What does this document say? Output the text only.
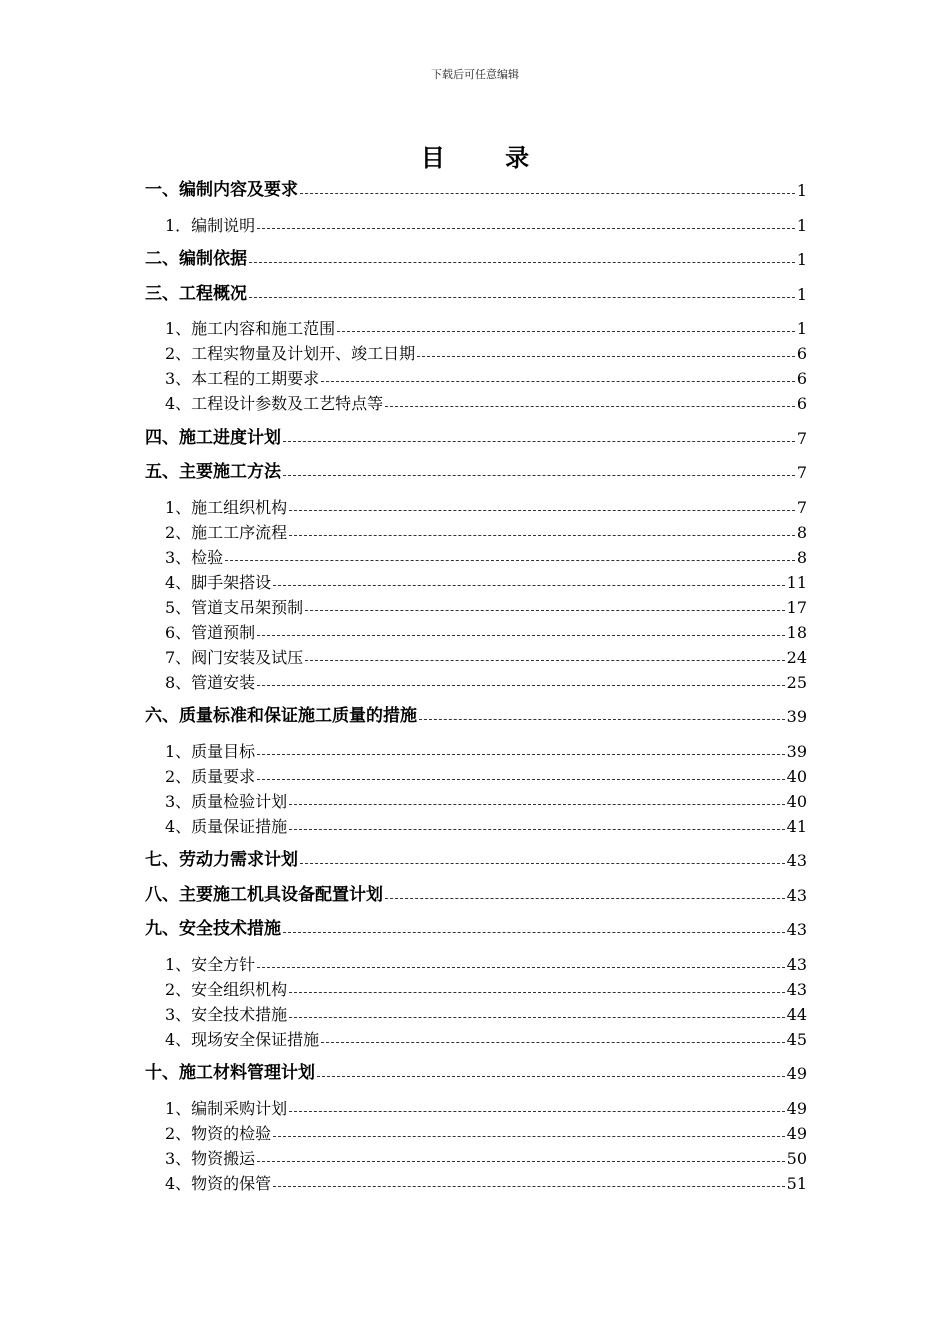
下载后可任意编辑
目 录
一、编制内容及要求	1
1．编制说明	1
二、编制依据	1
三、工程概况	1
1、施工内容和施工范围	1
2、工程实物量及计划开、竣工日期	6
3、本工程的工期要求	6
4、工程设计参数及工艺特点等	6
四、施工进度计划	7
五、主要施工方法	7
1、施工组织机构	7
2、施工工序流程	8
3、检验	8
4、脚手架搭设	11
5、管道支吊架预制	17
6、管道预制	18
7、阀门安装及试压	24
8、管道安装	25
六、质量标准和保证施工质量的措施	39
1、质量目标	39
2、质量要求	40
3、质量检验计划	40
4、质量保证措施	41
七、劳动力需求计划	43
八、主要施工机具设备配置计划	43
九、安全技术措施	43
1、安全方针	43
2、安全组织机构	43
3、安全技术措施	44
4、现场安全保证措施	45
十、施工材料管理计划	49
1、编制采购计划	49
2、物资的检验	49
3、物资搬运	50
4、物资的保管	51
